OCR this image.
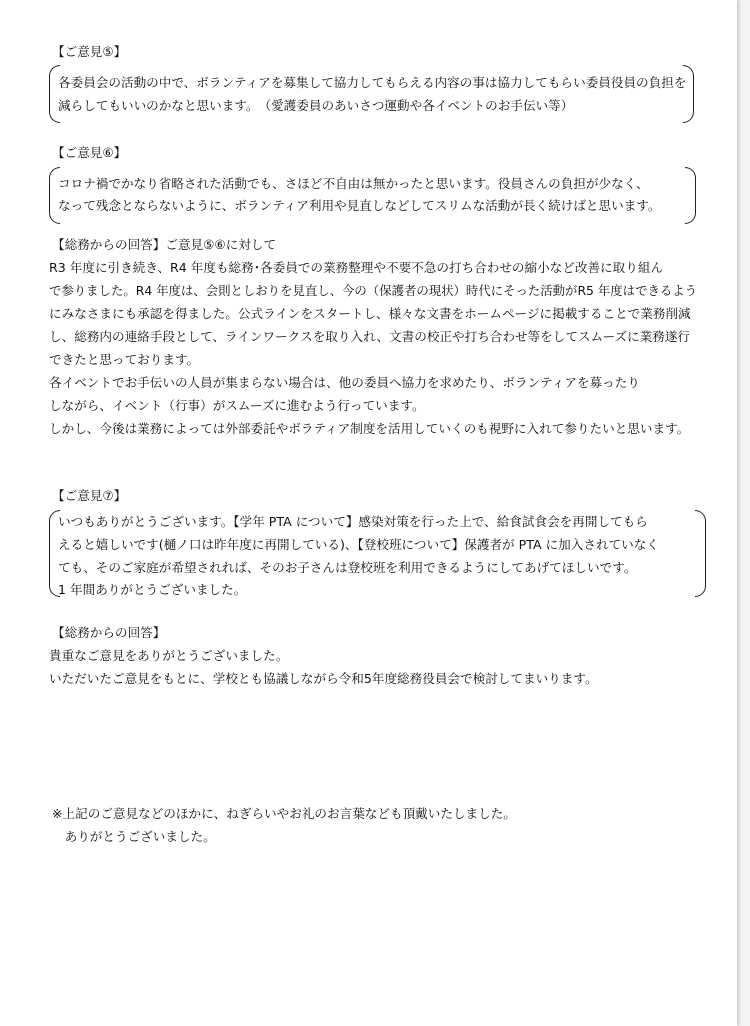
【ご意見⑤】
各委員会の活動の中で、ボランティアを募集して協力してもらえる内容の事は協力してもらい委員役員の負担を
減らしてもいいのかなと思います。　（愛護委員のあいさつ運動や各イベントのお手伝い等）
【ご意見⑥】
コロナ禍でかなり省略された活動でも、さほど不自由は無かったと思います。役員さんの負担が少なく、
なって残念とならないように、ボランティア利用や見直しなどしてスリムな活動が長く続けばと思います。
【総務からの回答】ご意見⑤⑥に対して
R3 年度に引き続き、R4 年度も総務･各委員での業務整理や不要不急の打ち合わせの縮小など改善に取り組ん
で参りました。R4 年度は、会則としおりを見直し、今の（保護者の現状）時代にそった活動がR5 年度はできるよう
にみなさまにも承認を得ました。公式ラインをスタートし、様々な文書をホームページに掲載することで業務削減
し、総務内の連絡手段として、ラインワークスを取り入れ、文書の校正や打ち合わせ等をしてスムーズに業務遂行
できたと思っております。
各イベントでお手伝いの人員が集まらない場合は、他の委員へ協力を求めたり、ボランティアを募ったり
しながら、イベント（行事）がスムーズに進むよう行っています。
しかし、今後は業務によっては外部委託やボラティア制度を活用していくのも視野に入れて参りたいと思います。
【ご意見⑦】
いつもありがとうございます。【学年 PTA について】感染対策を行った上で、給食試食会を再開してもら
えると嬉しいです(樋ノ口は昨年度に再開している)、【登校班について】保護者が PTA に加入されていなく
ても、そのご家庭が希望されれば、そのお子さんは登校班を利用できるようにしてあげてほしいです。
1 年間ありがとうございました。
【総務からの回答】
貴重なご意見をありがとうございました。
いただいたご意見をもとに、学校とも協議しながら令和5年度総務役員会で検討してまいります。
※上記のご意見などのほかに、ねぎらいやお礼のお言葉なども頂戴いたしました。
　ありがとうございました。
